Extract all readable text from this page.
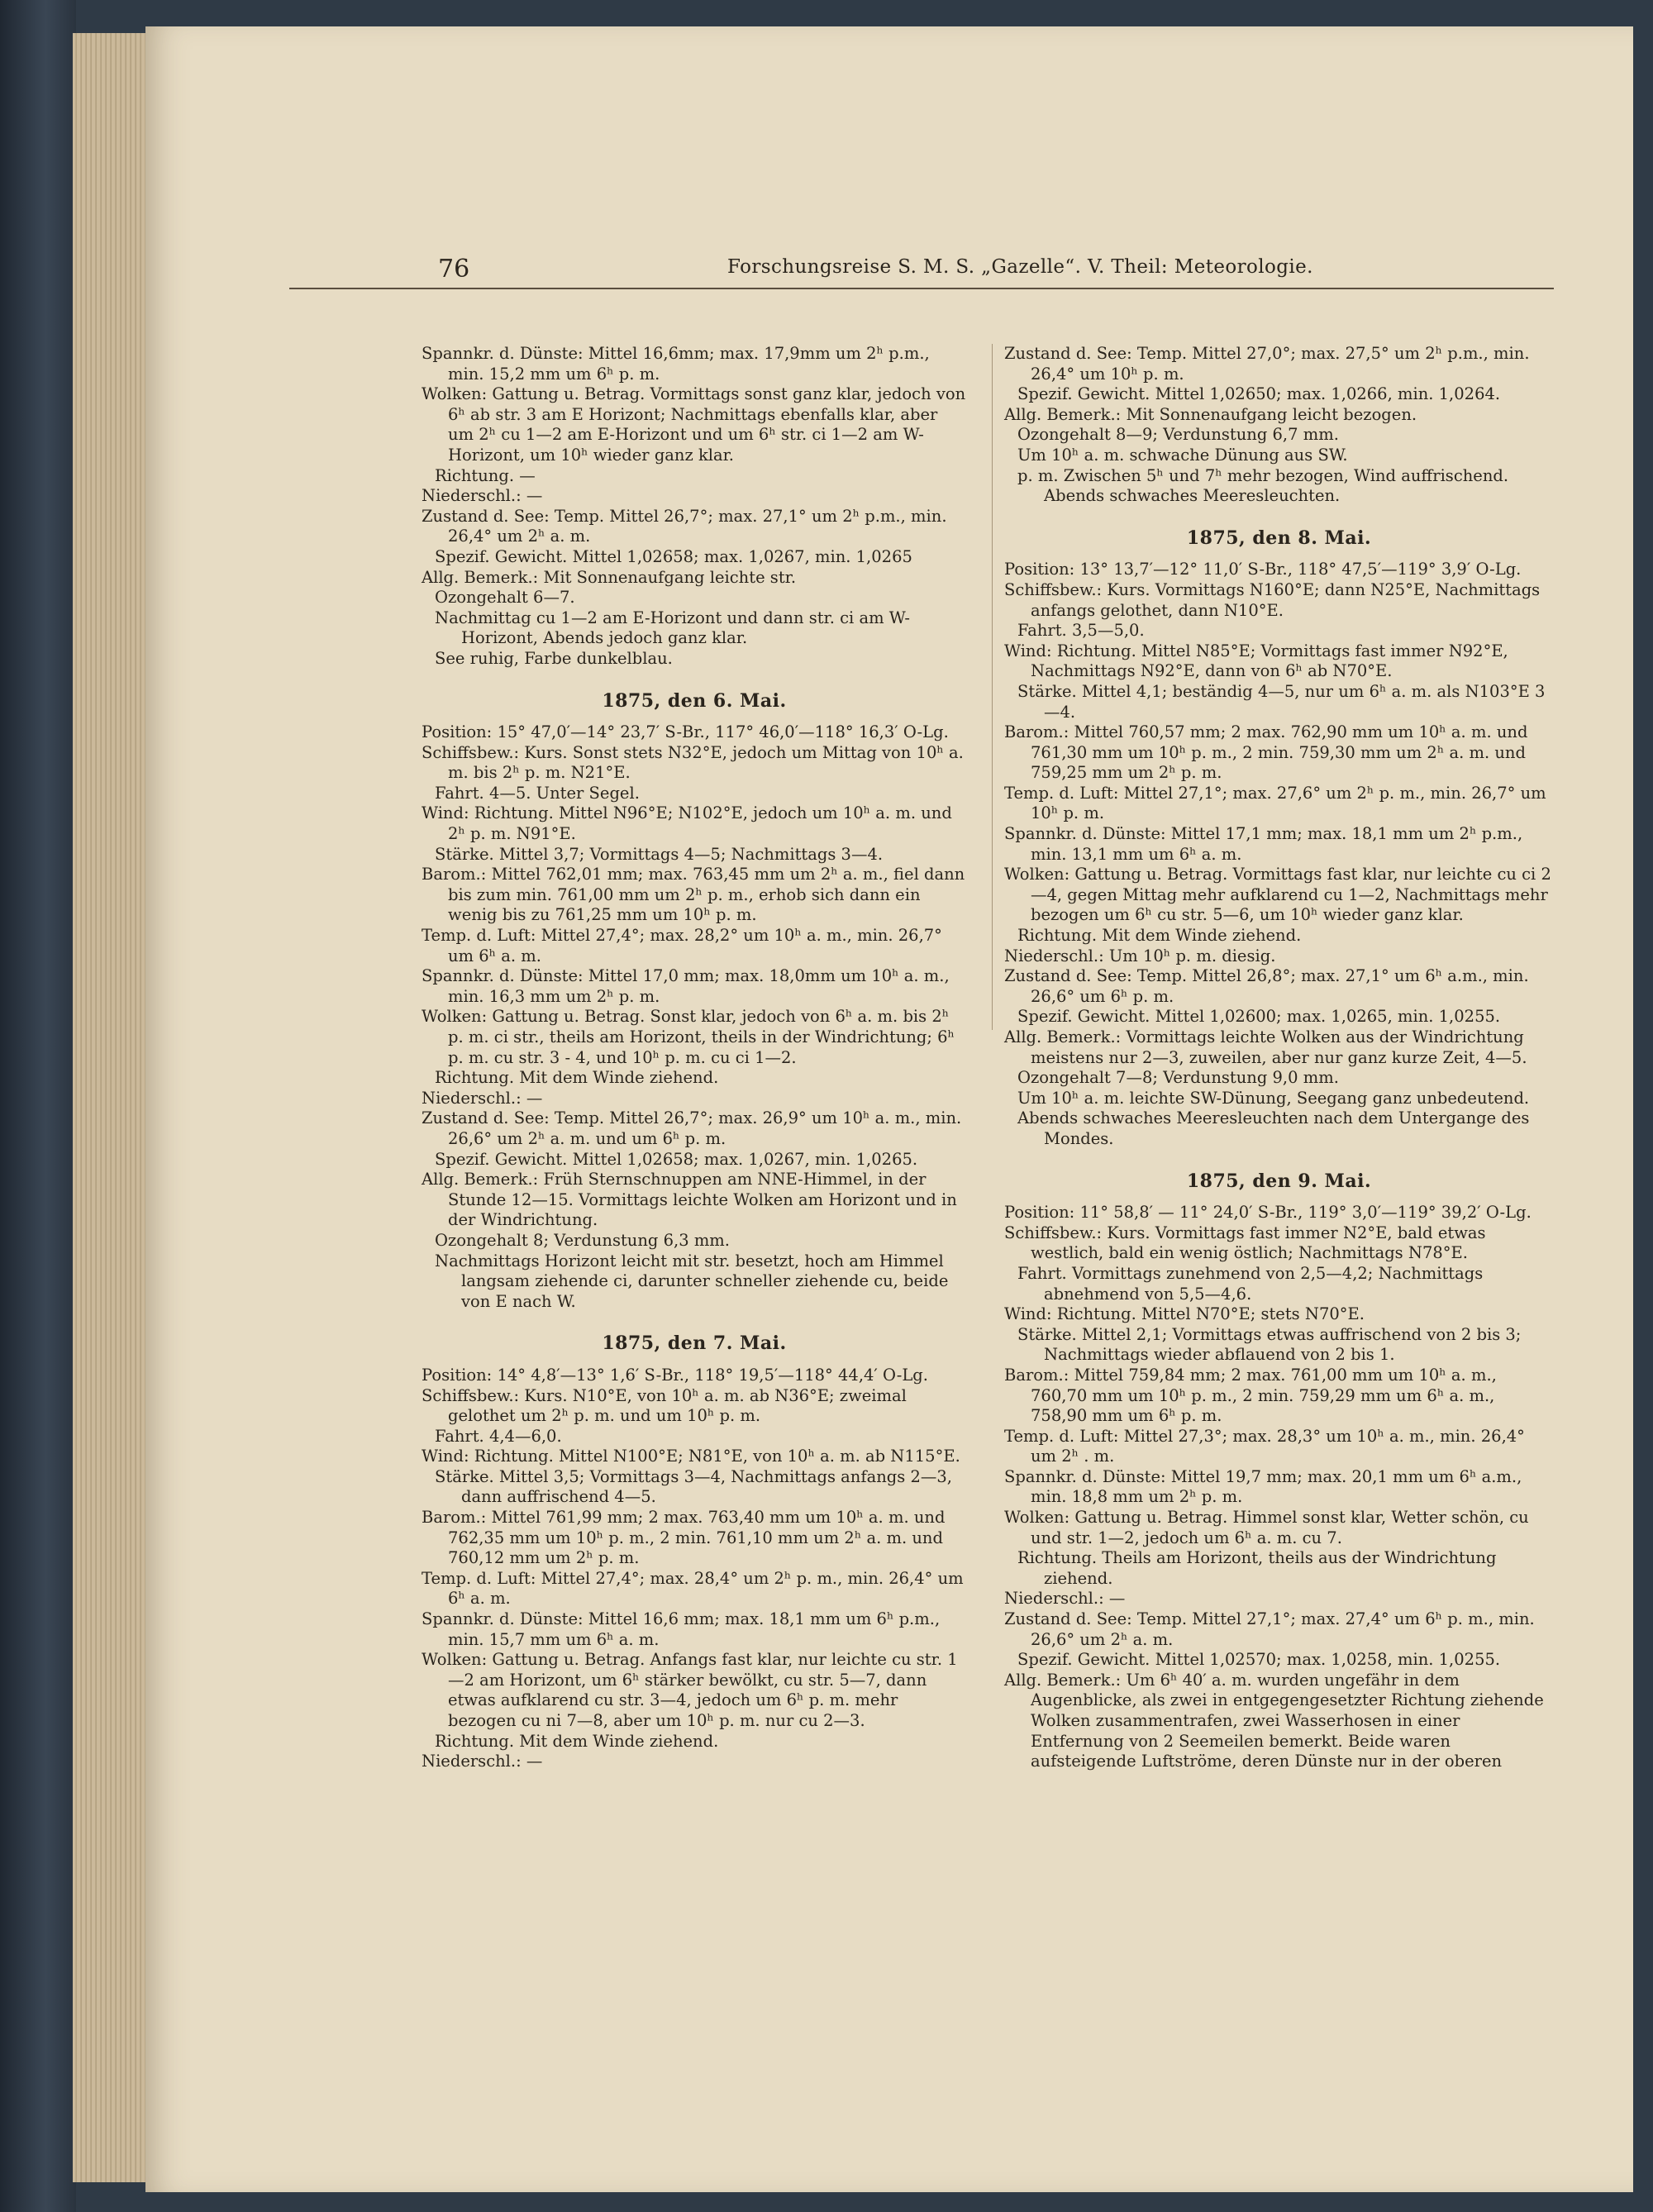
76	Forschungsreise S. M. S. „Gazelle“. V. Theil: Meteorologie.

Spannkr. d. Dünste: Mittel 16,6mm; max. 17,9mm um 2ʰ p.m., min. 15,2 mm um 6ʰ p. m.

Wolken: Gattung u. Betrag. Vormittags sonst ganz klar, jedoch von 6ʰ ab str. 3 am E Horizont; Nachmittags ebenfalls klar, aber um 2ʰ cu 1—2 am E-Horizont und um 6ʰ str. ci 1—2 am W-Horizont, um 10ʰ wieder ganz klar.

Richtung. —

Niederschl.: —

Zustand d. See: Temp. Mittel 26,7°; max. 27,1° um 2ʰ p.m., min. 26,4° um 2ʰ a. m.

Spezif. Gewicht. Mittel 1,02658; max. 1,0267, min. 1,0265

Allg. Bemerk.: Mit Sonnenaufgang leichte str.

Ozongehalt 6—7.

Nachmittag cu 1—2 am E-Horizont und dann str. ci am W-Horizont, Abends jedoch ganz klar.

See ruhig, Farbe dunkelblau.

1875, den 6. Mai.

Position: 15° 47,0′—14° 23,7′ S-Br., 117° 46,0′—118° 16,3′ O-Lg.

Schiffsbew.: Kurs. Sonst stets N32°E, jedoch um Mittag von 10ʰ a. m. bis 2ʰ p. m. N21°E.

Fahrt. 4—5. Unter Segel.

Wind: Richtung. Mittel N96°E; N102°E, jedoch um 10ʰ a. m. und 2ʰ p. m. N91°E.

Stärke. Mittel 3,7; Vormittags 4—5; Nachmittags 3—4.

Barom.: Mittel 762,01 mm; max. 763,45 mm um 2ʰ a. m., fiel dann bis zum min. 761,00 mm um 2ʰ p. m., erhob sich dann ein wenig bis zu 761,25 mm um 10ʰ p. m.

Temp. d. Luft: Mittel 27,4°; max. 28,2° um 10ʰ a. m., min. 26,7° um 6ʰ a. m.

Spannkr. d. Dünste: Mittel 17,0 mm; max. 18,0mm um 10ʰ a. m., min. 16,3 mm um 2ʰ p. m.

Wolken: Gattung u. Betrag. Sonst klar, jedoch von 6ʰ a. m. bis 2ʰ p. m. ci str., theils am Horizont, theils in der Windrichtung; 6ʰ p. m. cu str. 3 - 4, und 10ʰ p. m. cu ci 1—2.

Richtung. Mit dem Winde ziehend.

Niederschl.: —

Zustand d. See: Temp. Mittel 26,7°; max. 26,9° um 10ʰ a. m., min. 26,6° um 2ʰ a. m. und um 6ʰ p. m.

Spezif. Gewicht. Mittel 1,02658; max. 1,0267, min. 1,0265.

Allg. Bemerk.: Früh Sternschnuppen am NNE-Himmel, in der Stunde 12—15. Vormittags leichte Wolken am Horizont und in der Windrichtung.

Ozongehalt 8; Verdunstung 6,3 mm.

Nachmittags Horizont leicht mit str. besetzt, hoch am Himmel langsam ziehende ci, darunter schneller ziehende cu, beide von E nach W.

1875, den 7. Mai.

Position: 14° 4,8′—13° 1,6′ S-Br., 118° 19,5′—118° 44,4′ O-Lg.

Schiffsbew.: Kurs. N10°E, von 10ʰ a. m. ab N36°E; zweimal gelothet um 2ʰ p. m. und um 10ʰ p. m.

Fahrt. 4,4—6,0.

Wind: Richtung. Mittel N100°E; N81°E, von 10ʰ a. m. ab N115°E.

Stärke. Mittel 3,5; Vormittags 3—4, Nachmittags anfangs 2—3, dann auffrischend 4—5.

Barom.: Mittel 761,99 mm; 2 max. 763,40 mm um 10ʰ a. m. und 762,35 mm um 10ʰ p. m., 2 min. 761,10 mm um 2ʰ a. m. und 760,12 mm um 2ʰ p. m.

Temp. d. Luft: Mittel 27,4°; max. 28,4° um 2ʰ p. m., min. 26,4° um 6ʰ a. m.

Spannkr. d. Dünste: Mittel 16,6 mm; max. 18,1 mm um 6ʰ p.m., min. 15,7 mm um 6ʰ a. m.

Wolken: Gattung u. Betrag. Anfangs fast klar, nur leichte cu str. 1—2 am Horizont, um 6ʰ stärker bewölkt, cu str. 5—7, dann etwas aufklarend cu str. 3—4, jedoch um 6ʰ p. m. mehr bezogen cu ni 7—8, aber um 10ʰ p. m. nur cu 2—3.

Richtung. Mit dem Winde ziehend.

Niederschl.: —

Zustand d. See: Temp. Mittel 27,0°; max. 27,5° um 2ʰ p.m., min. 26,4° um 10ʰ p. m.

Spezif. Gewicht. Mittel 1,02650; max. 1,0266, min. 1,0264.

Allg. Bemerk.: Mit Sonnenaufgang leicht bezogen.

Ozongehalt 8—9; Verdunstung 6,7 mm.

Um 10ʰ a. m. schwache Dünung aus SW.

p. m. Zwischen 5ʰ und 7ʰ mehr bezogen, Wind auffrischend. Abends schwaches Meeresleuchten.

1875, den 8. Mai.

Position: 13° 13,7′—12° 11,0′ S-Br., 118° 47,5′—119° 3,9′ O-Lg.

Schiffsbew.: Kurs. Vormittags N160°E; dann N25°E, Nachmittags anfangs gelothet, dann N10°E.

Fahrt. 3,5—5,0.

Wind: Richtung. Mittel N85°E; Vormittags fast immer N92°E, Nachmittags N92°E, dann von 6ʰ ab N70°E.

Stärke. Mittel 4,1; beständig 4—5, nur um 6ʰ a. m. als N103°E 3—4.

Barom.: Mittel 760,57 mm; 2 max. 762,90 mm um 10ʰ a. m. und 761,30 mm um 10ʰ p. m., 2 min. 759,30 mm um 2ʰ a. m. und 759,25 mm um 2ʰ p. m.

Temp. d. Luft: Mittel 27,1°; max. 27,6° um 2ʰ p. m., min. 26,7° um 10ʰ p. m.

Spannkr. d. Dünste: Mittel 17,1 mm; max. 18,1 mm um 2ʰ p.m., min. 13,1 mm um 6ʰ a. m.

Wolken: Gattung u. Betrag. Vormittags fast klar, nur leichte cu ci 2—4, gegen Mittag mehr aufklarend cu 1—2, Nachmittags mehr bezogen um 6ʰ cu str. 5—6, um 10ʰ wieder ganz klar.

Richtung. Mit dem Winde ziehend.

Niederschl.: Um 10ʰ p. m. diesig.

Zustand d. See: Temp. Mittel 26,8°; max. 27,1° um 6ʰ a.m., min. 26,6° um 6ʰ p. m.

Spezif. Gewicht. Mittel 1,02600; max. 1,0265, min. 1,0255.

Allg. Bemerk.: Vormittags leichte Wolken aus der Windrichtung meistens nur 2—3, zuweilen, aber nur ganz kurze Zeit, 4—5.

Ozongehalt 7—8; Verdunstung 9,0 mm.

Um 10ʰ a. m. leichte SW-Dünung, Seegang ganz unbedeutend.

Abends schwaches Meeresleuchten nach dem Untergange des Mondes.

1875, den 9. Mai.

Position: 11° 58,8′ — 11° 24,0′ S-Br., 119° 3,0′—119° 39,2′ O-Lg.

Schiffsbew.: Kurs. Vormittags fast immer N2°E, bald etwas westlich, bald ein wenig östlich; Nachmittags N78°E.

Fahrt. Vormittags zunehmend von 2,5—4,2; Nachmittags abnehmend von 5,5—4,6.

Wind: Richtung. Mittel N70°E; stets N70°E.

Stärke. Mittel 2,1; Vormittags etwas auffrischend von 2 bis 3; Nachmittags wieder abflauend von 2 bis 1.

Barom.: Mittel 759,84 mm; 2 max. 761,00 mm um 10ʰ a. m., 760,70 mm um 10ʰ p. m., 2 min. 759,29 mm um 6ʰ a. m., 758,90 mm um 6ʰ p. m.

Temp. d. Luft: Mittel 27,3°; max. 28,3° um 10ʰ a. m., min. 26,4° um 2ʰ . m.

Spannkr. d. Dünste: Mittel 19,7 mm; max. 20,1 mm um 6ʰ a.m., min. 18,8 mm um 2ʰ p. m.

Wolken: Gattung u. Betrag. Himmel sonst klar, Wetter schön, cu und str. 1—2, jedoch um 6ʰ a. m. cu 7.

Richtung. Theils am Horizont, theils aus der Windrichtung ziehend.

Niederschl.: —

Zustand d. See: Temp. Mittel 27,1°; max. 27,4° um 6ʰ p. m., min. 26,6° um 2ʰ a. m.

Spezif. Gewicht. Mittel 1,02570; max. 1,0258, min. 1,0255.

Allg. Bemerk.: Um 6ʰ 40′ a. m. wurden ungefähr in dem Augenblicke, als zwei in entgegengesetzter Richtung ziehende Wolken zusammentrafen, zwei Wasserhosen in einer Entfernung von 2 Seemeilen bemerkt. Beide waren aufsteigende Luftströme, deren Dünste nur in der oberen
